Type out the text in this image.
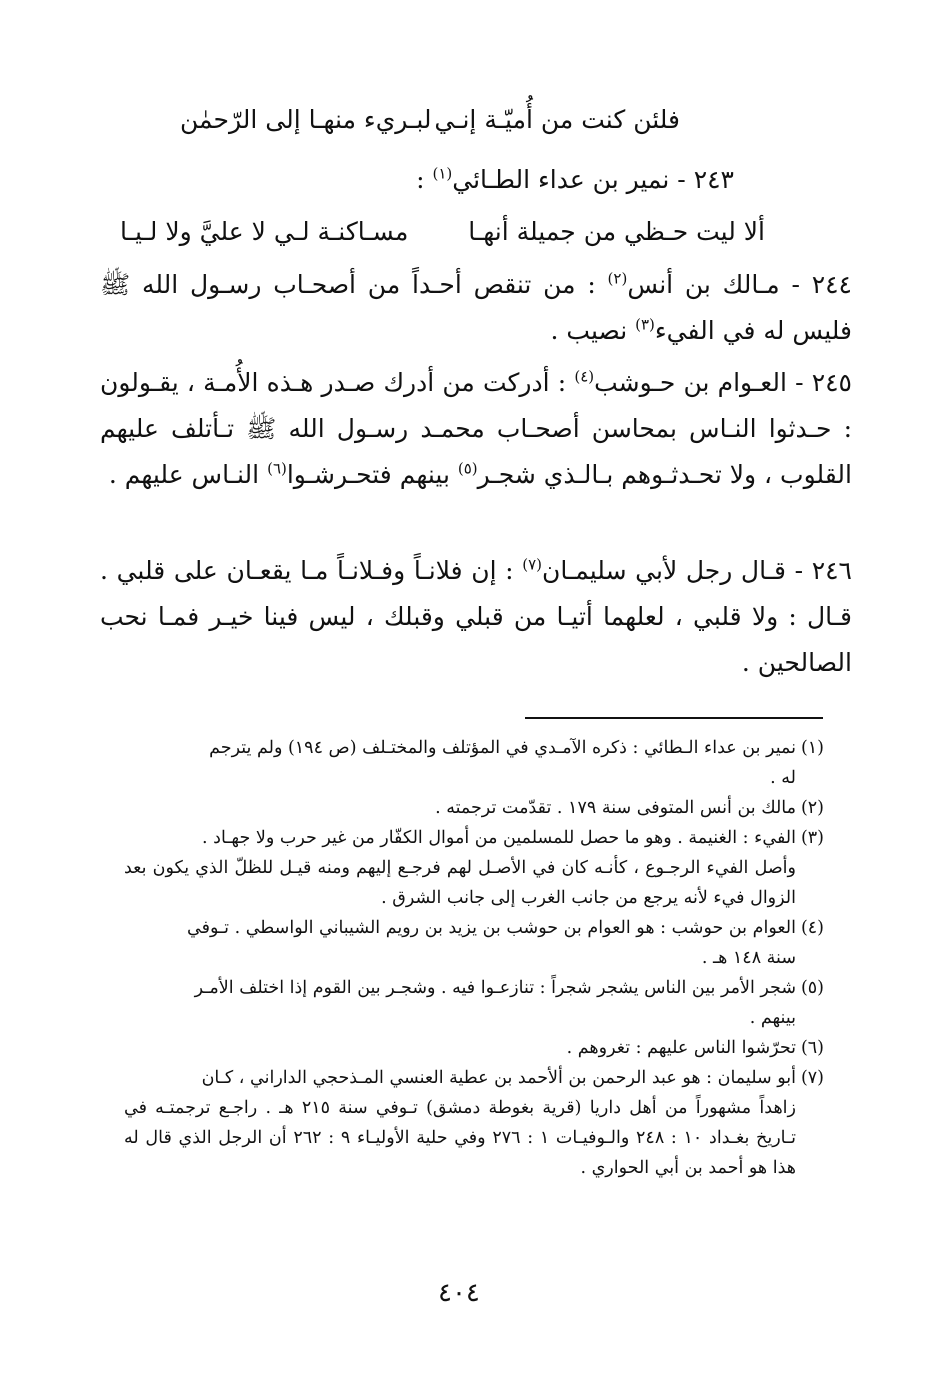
فلئن كنت من أُميّـة إنـي
لبـريء منهـا إلى الرّحمٰن
٢٤٣ - نمير بن عداء الطـائي$^{(١)}$ :
ألا ليت حـظي من جميلة أنهـا
مسـاكنـة لـي لا عليَّ ولا لـيـا
٢٤٤ - مـالك بن أنس$^{(٢)}$ : من تنقص أحـداً من أصحـاب رسـول الله ﷺ فليس له في الفيء$^{(٣)}$ نصيب .
٢٤٥ - العـوام بن حـوشب$^{(٤)}$ : أدركت من أدرك صـدر هـذه الأُمـة ، يقـولون : حـدثوا النـاس بمحاسن أصحـاب محمـد رسـول الله ﷺ تـأتلف عليهم القلوب ، ولا تحـدثـوهم بـالـذي شجـر$^{(٥)}$ بينهم فتحـرشـوا$^{(٦)}$ النـاس عليهم .
٢٤٦ - قـال رجل لأبي سليمـان$^{(٧)}$ : إن فلانـاً وفـلانـاً مـا يقعـان على قلبي . قـال : ولا قلبي ، لعلهما أتيـا من قبلي وقبلك ، ليس فينا خيـر فمـا نحب الصالحين .
(١)نمير بن عداء الـطائي : ذكره الآمـدي في المؤتلف والمختـلف (ص ١٩٤) ولم يترجم
له .
(٢)مالك بن أنس المتوفى سنة ١٧٩ . تقدّمت ترجمته .
(٣)الفيء : الغنيمة . وهو ما حصل للمسلمين من أموال الكفّار من غير حرب ولا جهـاد .
وأصل الفيء الرجـوع ، كأنـه كان في الأصـل لهم فرجـع إليهم ومنه قيـل للظلّ الذي يكون بعد الزوال فيء لأنه يرجع من جانب الغرب إلى جانب الشرق .
(٤)العوام بن حوشب : هو العوام بن حوشب بن يزيد بن رويم الشيباني الواسطي . تـوفي
سنة ١٤٨ هـ .
(٥)شجر الأمر بين الناس يشجر شجراً : تنازعـوا فيه . وشجـر بين القوم إذا اختلف الأمـر
بينهم .
(٦)تحرّشوا الناس عليهم : تغروهم .
(٧)أبو سليمان : هو عبد الرحمن بن ألأحمد بن عطية العنسي المـذحجي الداراني ، كـان
زاهداً مشهوراً من أهل داريا (قرية بغوطة دمشق) تـوفي سنة ٢١٥ هـ . راجـع ترجمتـه في تـاريخ بغـداد ١٠ : ٢٤٨ والـوفيـات ١ : ٢٧٦ وفي حلية الأوليـاء ٩ : ٢٦٢ أن الرجل الذي قال له هذا هو أحمد بن أبي الحواري .
٤٠٤
